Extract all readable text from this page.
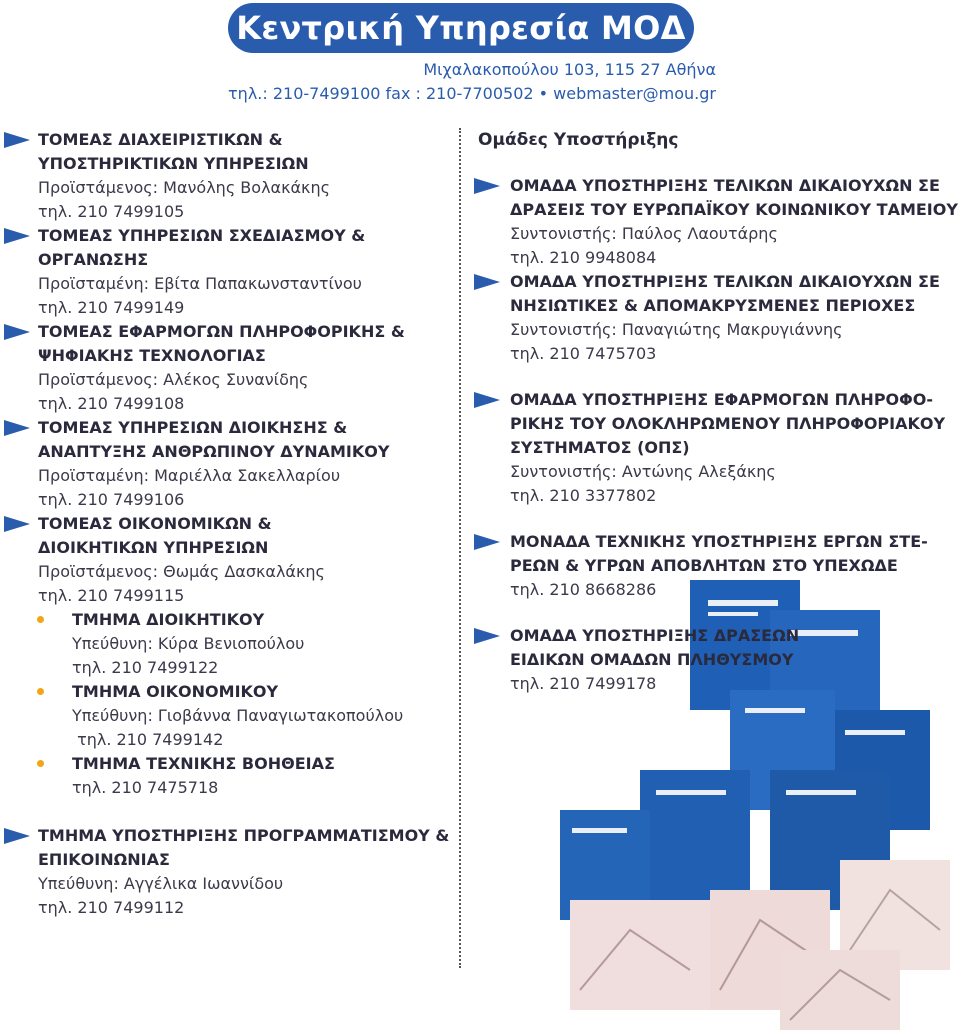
Κεντρική Υπηρεσία ΜΟΔ
Μιχαλακοπούλου 103, 115 27 Αθήνα
τηλ.: 210-7499100 fax : 210-7700502 • webmaster@mou.gr
ΤΟΜΕΑΣ ΔΙΑΧΕΙΡΙΣΤΙΚΩΝ &
ΥΠΟΣΤΗΡΙΚΤΙΚΩΝ ΥΠΗΡΕΣΙΩΝ
Προϊστάμενος: Μανόλης Βολακάκης
τηλ. 210 7499105
ΤΟΜΕΑΣ ΥΠΗΡΕΣΙΩΝ ΣΧΕΔΙΑΣΜΟΥ &
ΟΡΓΑΝΩΣΗΣ
Προϊσταμένη: Εβίτα Παπακωνσταντίνου
τηλ. 210 7499149
ΤΟΜΕΑΣ ΕΦΑΡΜΟΓΩΝ ΠΛΗΡΟΦΟΡΙΚΗΣ &
ΨΗΦΙΑΚΗΣ ΤΕΧΝΟΛΟΓΙΑΣ
Προϊστάμενος: Αλέκος Συνανίδης
τηλ. 210 7499108
ΤΟΜΕΑΣ ΥΠΗΡΕΣΙΩΝ ΔΙΟΙΚΗΣΗΣ &
ΑΝΑΠΤΥΞΗΣ ΑΝΘΡΩΠΙΝΟΥ ΔΥΝΑΜΙΚΟΥ
Προϊσταμένη: Μαριέλλα Σακελλαρίου
τηλ. 210 7499106
ΤΟΜΕΑΣ ΟΙΚΟΝΟΜΙΚΩΝ &
ΔΙΟΙΚΗΤΙΚΩΝ ΥΠΗΡΕΣΙΩΝ
Προϊστάμενος: Θωμάς Δασκαλάκης
τηλ. 210 7499115
ΤΜΗΜΑ ΔΙΟΙΚΗΤΙΚΟΥ
Υπεύθυνη: Κύρα Βενιοπούλου
τηλ. 210 7499122
ΤΜΗΜΑ ΟΙΚΟΝΟΜΙΚΟΥ
Υπεύθυνη: Γιοβάννα Παναγιωτακοπούλου
τηλ. 210 7499142
ΤΜΗΜΑ ΤΕΧΝΙΚΗΣ ΒΟΗΘΕΙΑΣ
τηλ. 210 7475718
ΤΜΗΜΑ ΥΠΟΣΤΗΡΙΞΗΣ ΠΡΟΓΡΑΜΜΑΤΙΣΜΟΥ &
ΕΠΙΚΟΙΝΩΝΙΑΣ
Υπεύθυνη: Αγγέλικα Ιωαννίδου
τηλ. 210 7499112
Ομάδες Υποστήριξης
ΟΜΑΔΑ ΥΠΟΣΤΗΡΙΞΗΣ ΤΕΛΙΚΩΝ ΔΙΚΑΙΟΥΧΩΝ ΣΕ
ΔΡΑΣΕΙΣ ΤΟΥ ΕΥΡΩΠΑΪΚΟΥ ΚΟΙΝΩΝΙΚΟΥ ΤΑΜΕΙΟΥ
Συντονιστής: Παύλος Λαουτάρης
τηλ. 210 9948084
ΟΜΑΔΑ ΥΠΟΣΤΗΡΙΞΗΣ ΤΕΛΙΚΩΝ ΔΙΚΑΙΟΥΧΩΝ ΣΕ
ΝΗΣΙΩΤΙΚΕΣ & ΑΠΟΜΑΚΡΥΣΜΕΝΕΣ ΠΕΡΙΟΧΕΣ
Συντονιστής: Παναγιώτης Μακρυγιάννης
τηλ. 210 7475703
ΟΜΑΔΑ ΥΠΟΣΤΗΡΙΞΗΣ ΕΦΑΡΜΟΓΩΝ ΠΛΗΡΟΦΟ-
ΡΙΚΗΣ ΤΟΥ ΟΛΟΚΛΗΡΩΜΕΝΟΥ ΠΛΗΡΟΦΟΡΙΑΚΟΥ
ΣΥΣΤΗΜΑΤΟΣ (ΟΠΣ)
Συντονιστής: Αντώνης Αλεξάκης
τηλ. 210 3377802
ΜΟΝΑΔΑ ΤΕΧΝΙΚΗΣ ΥΠΟΣΤΗΡΙΞΗΣ ΕΡΓΩΝ ΣΤΕ-
ΡΕΩΝ & ΥΓΡΩΝ ΑΠΟΒΛΗΤΩΝ ΣΤΟ ΥΠΕΧΩΔΕ
τηλ. 210 8668286
ΟΜΑΔΑ ΥΠΟΣΤΗΡΙΞΗΣ ΔΡΑΣΕΩΝ
ΕΙΔΙΚΩΝ ΟΜΑΔΩΝ ΠΛΗΘΥΣΜΟΥ
τηλ. 210 7499178
